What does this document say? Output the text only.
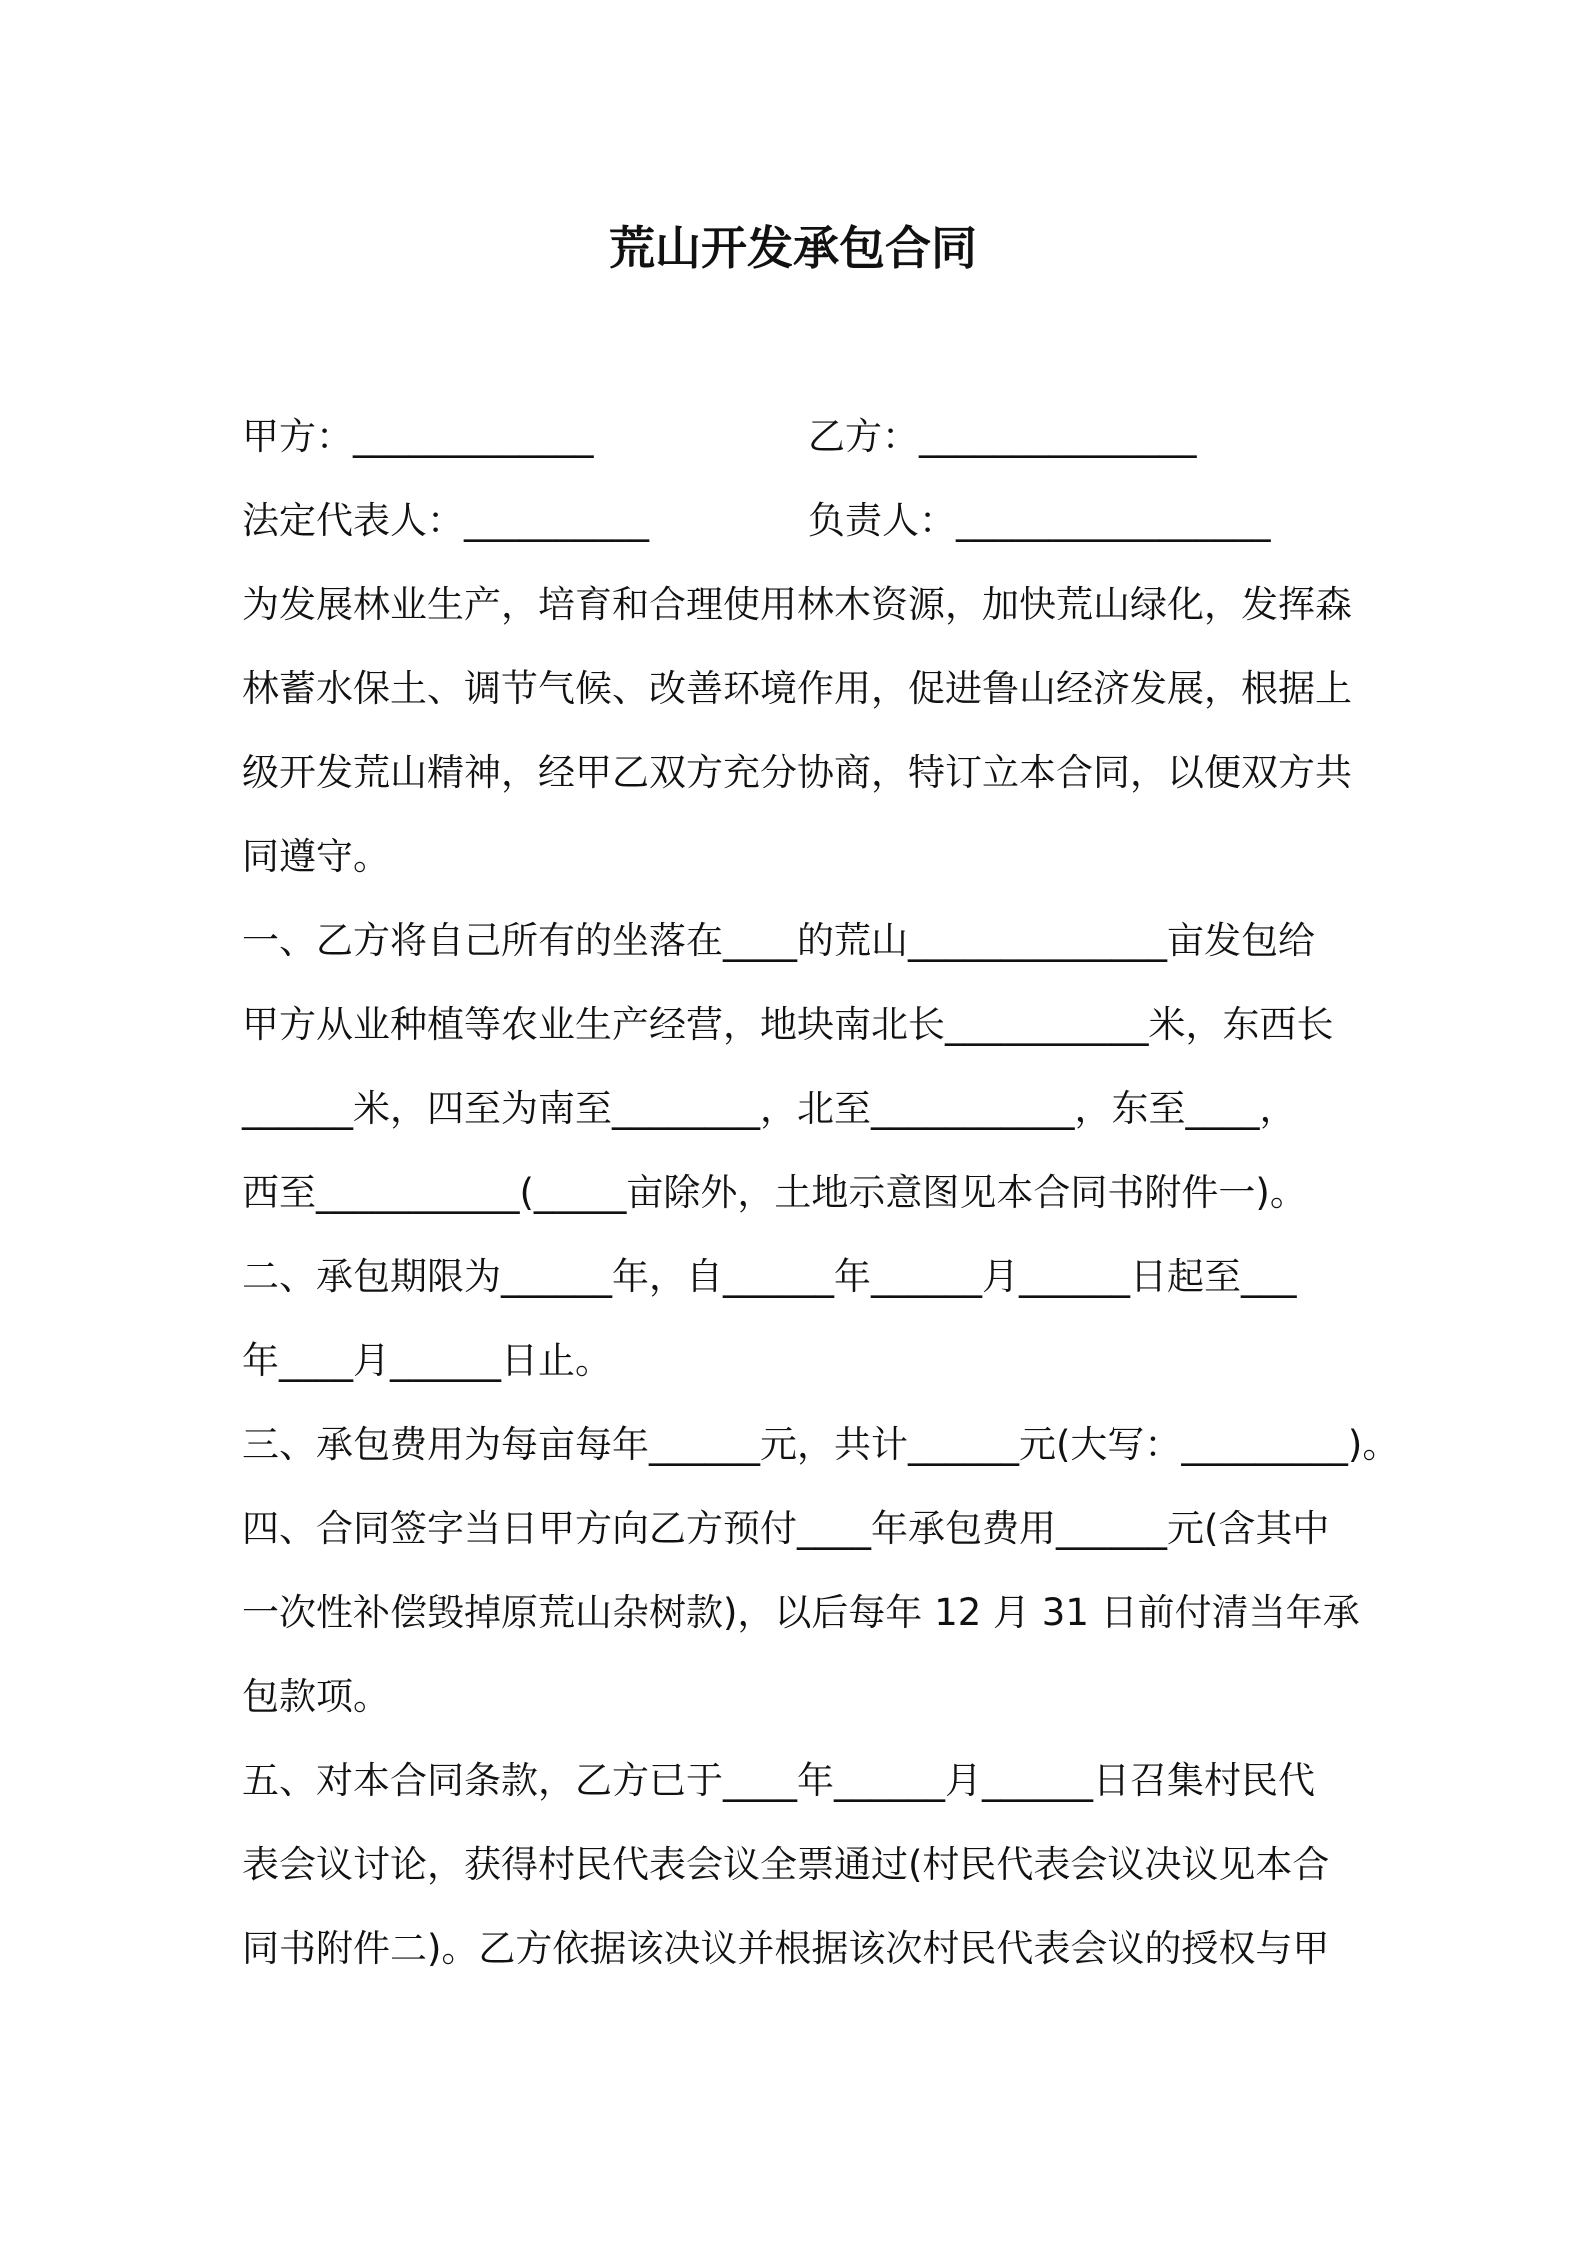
荒山开发承包合同

甲方：_____________

	乙方：_______________

法定代表人：__________

	负责人：_________________

为发展林业生产，培育和合理使用林木资源，加快荒山绿化，发挥森
林蓄水保土、调节气候、改善环境作用，促进鲁山经济发展，根据上
级开发荒山精神，经甲乙双方充分协商，特订立本合同，以便双方共
同遵守。
一、乙方将自己所有的坐落在____的荒山______________亩发包给
甲方从业种植等农业生产经营，地块南北长___________米，东西长
______米，四至为南至________，北至___________，东至____，
西至___________(_____亩除外，土地示意图见本合同书附件一)。
二、承包期限为______年，自______年______月______日起至___
年____月______日止。
三、承包费用为每亩每年______元，共计______元(大写：_________)。
四、合同签字当日甲方向乙方预付____年承包费用______元(含其中
一次性补偿毁掉原荒山杂树款)，以后每年 12 月 31 日前付清当年承
包款项。
五、对本合同条款，乙方已于____年______月______日召集村民代
表会议讨论，获得村民代表会议全票通过(村民代表会议决议见本合
同书附件二)。乙方依据该决议并根据该次村民代表会议的授权与甲
